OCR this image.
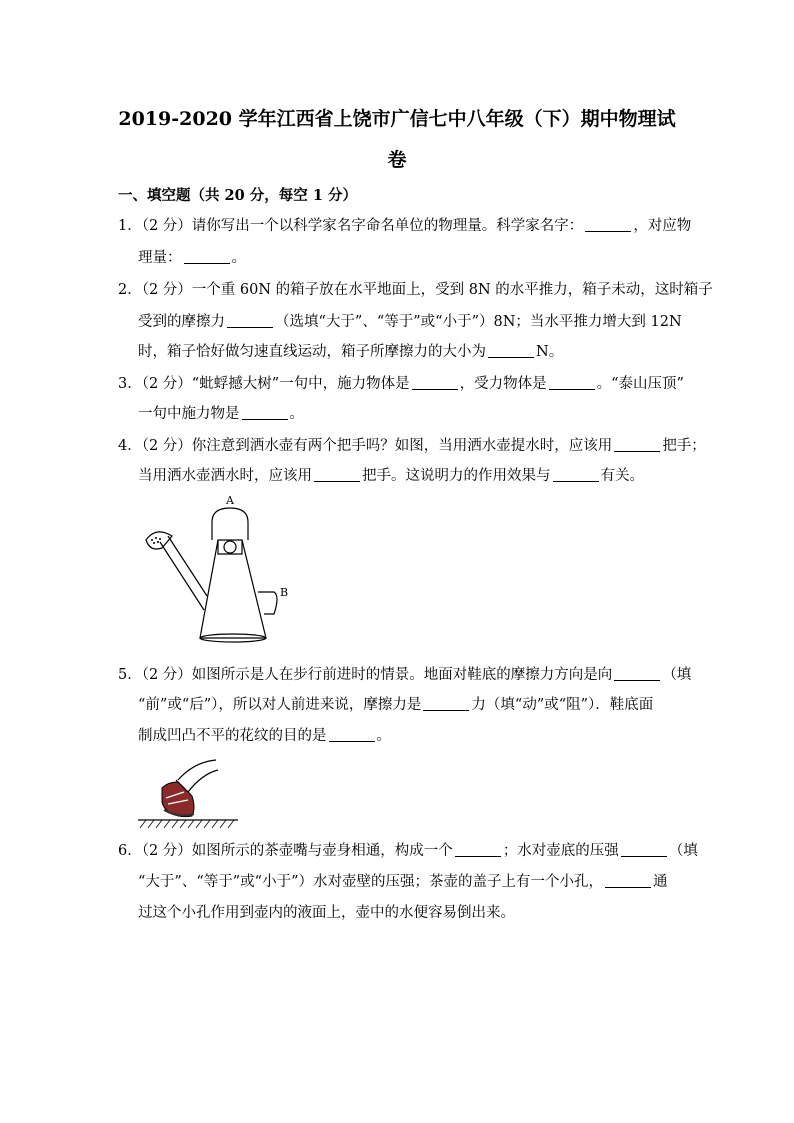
2019-2020 学年江西省上饶市广信七中八年级（下）期中物理试
卷
一、填空题（共 20 分，每空 1 分）
1．（2 分）请你写出一个以科学家名字命名单位的物理量。科学家名字：	，对应物
理量：	。
2．（2 分）一个重 60N 的箱子放在水平地面上，受到 8N 的水平推力，箱子未动，这时箱子
受到的摩擦力	（选填“大于”、“等于”或“小于”）8N；当水平推力增大到 12N
时，箱子恰好做匀速直线运动，箱子所摩擦力的大小为	N。
3．（2 分）“蚍蜉撼大树”一句中，施力物体是	，受力物体是	。“泰山压顶”
一句中施力物是	。
4．（2 分）你注意到洒水壶有两个把手吗？如图，当用洒水壶提水时，应该用	把手；
当用洒水壶洒水时，应该用	把手。这说明力的作用效果与	有关。
A
B
5．（2 分）如图所示是人在步行前进时的情景。地面对鞋底的摩擦力方向是向	（填
“前”或“后”），所以对人前进来说，摩擦力是	力（填“动”或“阻”）．鞋底面
制成凹凸不平的花纹的目的是	。
6．（2 分）如图所示的茶壶嘴与壶身相通，构成一个	；水对壶底的压强	（填
“大于”、“等于”或“小于”）水对壶壁的压强；茶壶的盖子上有一个小孔，	通
过这个小孔作用到壶内的液面上，壶中的水便容易倒出来。
